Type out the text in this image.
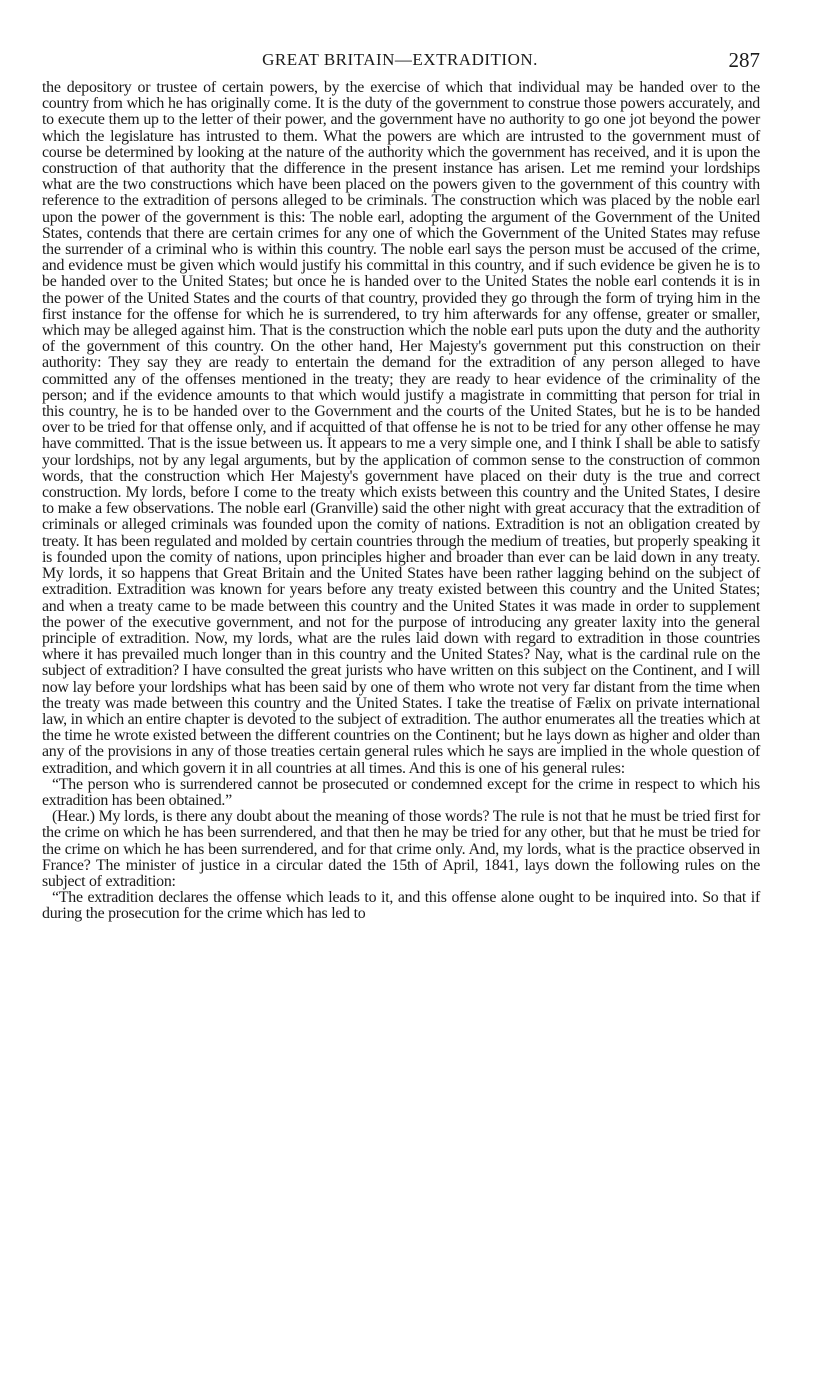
GREAT BRITAIN—EXTRADITION.	287

the depository or trustee of certain powers, by the exercise of which that individual may be handed over to the country from which he has originally come. It is the duty of the government to construe those powers accurately, and to execute them up to the letter of their power, and the government have no authority to go one jot beyond the power which the legislature has intrusted to them. What the powers are which are intrusted to the government must of course be determined by looking at the nature of the authority which the government has received, and it is upon the construction of that authority that the difference in the present instance has arisen. Let me remind your lordships what are the two constructions which have been placed on the powers given to the government of this country with reference to the extradition of persons alleged to be criminals. The construction which was placed by the noble earl upon the power of the government is this: The noble earl, adopting the argument of the Government of the United States, contends that there are certain crimes for any one of which the Government of the United States may refuse the surrender of a criminal who is within this country. The noble earl says the person must be accused of the crime, and evidence must be given which would justify his committal in this country, and if such evidence be given he is to be handed over to the United States; but once he is handed over to the United States the noble earl contends it is in the power of the United States and the courts of that country, provided they go through the form of trying him in the first instance for the offense for which he is surrendered, to try him afterwards for any offense, greater or smaller, which may be alleged against him. That is the construction which the noble earl puts upon the duty and the authority of the government of this country. On the other hand, Her Majesty's government put this construction on their authority: They say they are ready to entertain the demand for the extradition of any person alleged to have committed any of the offenses mentioned in the treaty; they are ready to hear evidence of the criminality of the person; and if the evidence amounts to that which would justify a magistrate in committing that person for trial in this country, he is to be handed over to the Government and the courts of the United States, but he is to be handed over to be tried for that offense only, and if acquitted of that offense he is not to be tried for any other offense he may have committed. That is the issue between us. It appears to me a very simple one, and I think I shall be able to satisfy your lordships, not by any legal arguments, but by the application of common sense to the construction of common words, that the construction which Her Majesty's government have placed on their duty is the true and correct construction. My lords, before I come to the treaty which exists between this country and the United States, I desire to make a few observations. The noble earl (Granville) said the other night with great accuracy that the extradition of criminals or alleged criminals was founded upon the comity of nations. Extradition is not an obligation created by treaty. It has been regulated and molded by certain countries through the medium of treaties, but properly speaking it is founded upon the comity of nations, upon principles higher and broader than ever can be laid down in any treaty. My lords, it so happens that Great Britain and the United States have been rather lagging behind on the subject of extradition. Extradition was known for years before any treaty existed between this country and the United States; and when a treaty came to be made between this country and the United States it was made in order to supplement the power of the executive government, and not for the purpose of introducing any greater laxity into the general principle of extradition. Now, my lords, what are the rules laid down with regard to extradition in those countries where it has prevailed much longer than in this country and the United States? Nay, what is the cardinal rule on the subject of extradition? I have consulted the great jurists who have written on this subject on the Continent, and I will now lay before your lordships what has been said by one of them who wrote not very far distant from the time when the treaty was made between this country and the United States. I take the treatise of Fælix on private international law, in which an entire chapter is devoted to the subject of extradition. The author enumerates all the treaties which at the time he wrote existed between the different countries on the Continent; but he lays down as higher and older than any of the provisions in any of those treaties certain general rules which he says are implied in the whole question of extradition, and which govern it in all countries at all times. And this is one of his general rules:

“The person who is surrendered cannot be prosecuted or condemned except for the crime in respect to which his extradition has been obtained.”

(Hear.) My lords, is there any doubt about the meaning of those words? The rule is not that he must be tried first for the crime on which he has been surrendered, and that then he may be tried for any other, but that he must be tried for the crime on which he has been surrendered, and for that crime only. And, my lords, what is the practice observed in France? The minister of justice in a circular dated the 15th of April, 1841, lays down the following rules on the subject of extradition:

“The extradition declares the offense which leads to it, and this offense alone ought to be inquired into. So that if during the prosecution for the crime which has led to
